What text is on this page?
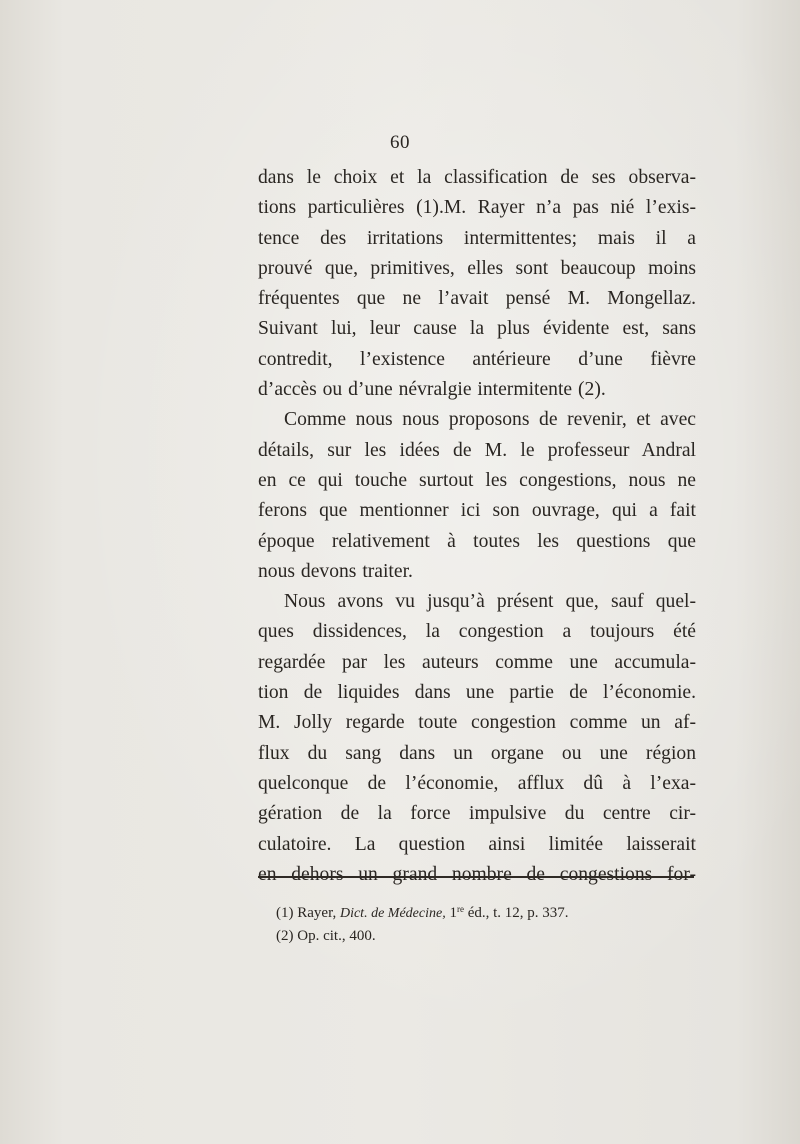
60
dans le choix et la classification de ses observa-
tions particulières (1).M. Rayer n’a pas nié l’exis-
tence des irritations intermittentes; mais il a
prouvé que, primitives, elles sont beaucoup moins
fréquentes que ne l’avait pensé M. Mongellaz.
Suivant lui, leur cause la plus évidente est, sans
contredit, l’existence antérieure d’une fièvre
d’accès ou d’une névralgie intermitente (2).
Comme nous nous proposons de revenir, et avec
détails, sur les idées de M. le professeur Andral
en ce qui touche surtout les congestions, nous ne
ferons que mentionner ici son ouvrage, qui a fait
époque relativement à toutes les questions que
nous devons traiter.
Nous avons vu jusqu’à présent que, sauf quel-
ques dissidences, la congestion a toujours été
regardée par les auteurs comme une accumula-
tion de liquides dans une partie de l’économie.
M. Jolly regarde toute congestion comme un af-
flux du sang dans un organe ou une région
quelconque de l’économie, afflux dû à l’exa-
gération de la force impulsive du centre cir-
culatoire. La question ainsi limitée laisserait
en dehors un grand nombre de congestions for-
(1) Rayer, Dict. de Médecine, 1re éd., t. 12, p. 337.
(2) Op. cit., 400.
